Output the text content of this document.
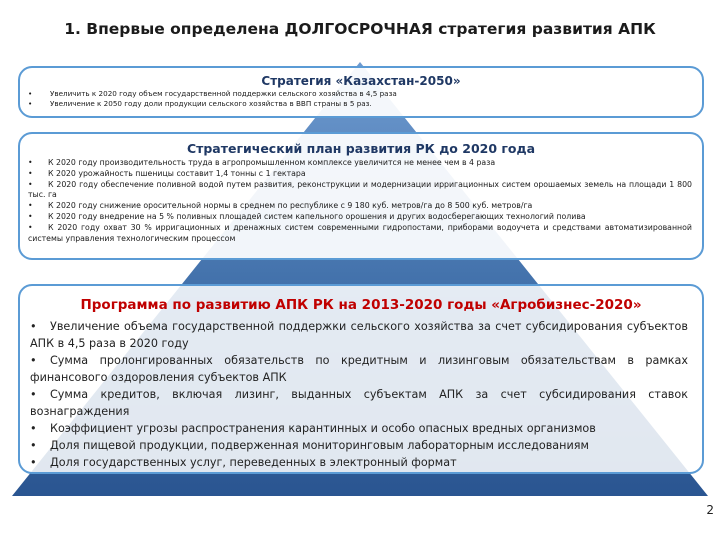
1. Впервые определена ДОЛГОСРОЧНАЯ стратегия развития АПК
Стратегия «Казахстан-2050»
• Увеличить к 2020 году объем государственной поддержки сельского хозяйства в 4,5 раза
• Увеличение к 2050 году доли продукции сельского хозяйства в ВВП страны в 5 раз.
Стратегический план развития РК до 2020 года
• К 2020 году производительность труда в агропромышленном комплексе увеличится не менее чем в 4 раза
• К 2020 урожайность пшеницы составит 1,4 тонны с 1 гектара
• К 2020 году обеспечение поливной водой путем развития, реконструкции и модернизации ирригационных систем орошаемых земель на площади 1 800 тыс. га
• К 2020 году снижение оросительной нормы в среднем по республике с 9 180 куб. метров/га до 8 500 куб. метров/га
• К 2020 году внедрение на 5 % поливных площадей систем капельного орошения и других водосберегающих технологий полива
• К 2020 году охват 30 % ирригационных и дренажных систем современными гидропостами, приборами водоучета и средствами автоматизированной системы управления технологическим процессом
Программа по развитию АПК РК на 2013-2020 годы «Агробизнес-2020»
• Увеличение объема государственной поддержки сельского хозяйства за счет субсидирования субъектов АПК в 4,5 раза в 2020 году
• Сумма пролонгированных обязательств по кредитным и лизинговым обязательствам в рамках финансового оздоровления субъектов АПК
• Сумма кредитов, включая лизинг, выданных субъектам АПК за счет субсидирования ставок вознаграждения
• Коэффициент угрозы распространения карантинных и особо опасных вредных организмов
• Доля пищевой продукции, подверженная мониторинговым лабораторным исследованиям
• Доля государственных услуг, переведенных в электронный формат
2
